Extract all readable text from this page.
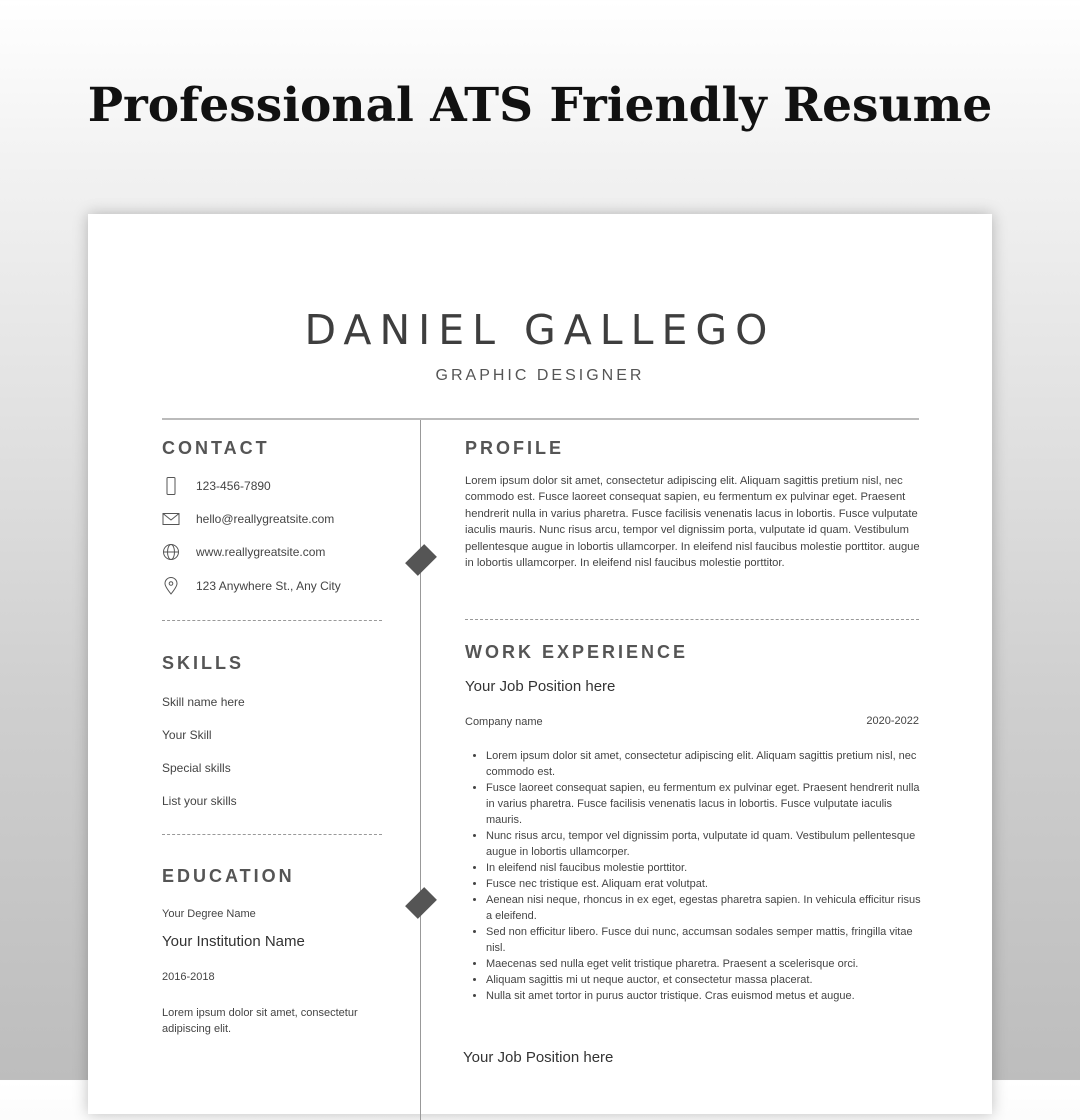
Professional ATS Friendly Resume
DANIEL GALLEGO
GRAPHIC DESIGNER
CONTACT
123-456-7890
hello@reallygreatsite.com
www.reallygreatsite.com
123 Anywhere St., Any City
SKILLS
Skill name here
Your Skill
Special skills
List your skills
EDUCATION
Your Degree Name
Your Institution Name
2016-2018
Lorem ipsum dolor sit amet, consectetur adipiscing elit.
PROFILE
Lorem ipsum dolor sit amet, consectetur adipiscing elit. Aliquam sagittis pretium nisl, nec commodo est. Fusce laoreet consequat sapien, eu fermentum ex pulvinar eget. Praesent hendrerit nulla in varius pharetra. Fusce facilisis venenatis lacus in lobortis. Fusce vulputate iaculis mauris. Nunc risus arcu, tempor vel dignissim porta, vulputate id quam. Vestibulum pellentesque augue in lobortis ullamcorper. In eleifend nisl faucibus molestie porttitor. augue in lobortis ullamcorper. In eleifend nisl faucibus molestie porttitor.
WORK EXPERIENCE
Your Job Position here
Company name	2020-2022
• Lorem ipsum dolor sit amet, consectetur adipiscing elit. Aliquam sagittis pretium nisl, nec commodo est.
• Fusce laoreet consequat sapien, eu fermentum ex pulvinar eget. Praesent hendrerit nulla in varius pharetra. Fusce facilisis venenatis lacus in lobortis. Fusce vulputate iaculis mauris.
• Nunc risus arcu, tempor vel dignissim porta, vulputate id quam. Vestibulum pellentesque augue in lobortis ullamcorper.
• In eleifend nisl faucibus molestie porttitor.
• Fusce nec tristique est. Aliquam erat volutpat.
• Aenean nisi neque, rhoncus in ex eget, egestas pharetra sapien. In vehicula efficitur risus a eleifend.
• Sed non efficitur libero. Fusce dui nunc, accumsan sodales semper mattis, fringilla vitae nisl.
• Maecenas sed nulla eget velit tristique pharetra. Praesent a scelerisque orci.
• Aliquam sagittis mi ut neque auctor, et consectetur massa placerat.
• Nulla sit amet tortor in purus auctor tristique. Cras euismod metus et augue.
Your Job Position here
